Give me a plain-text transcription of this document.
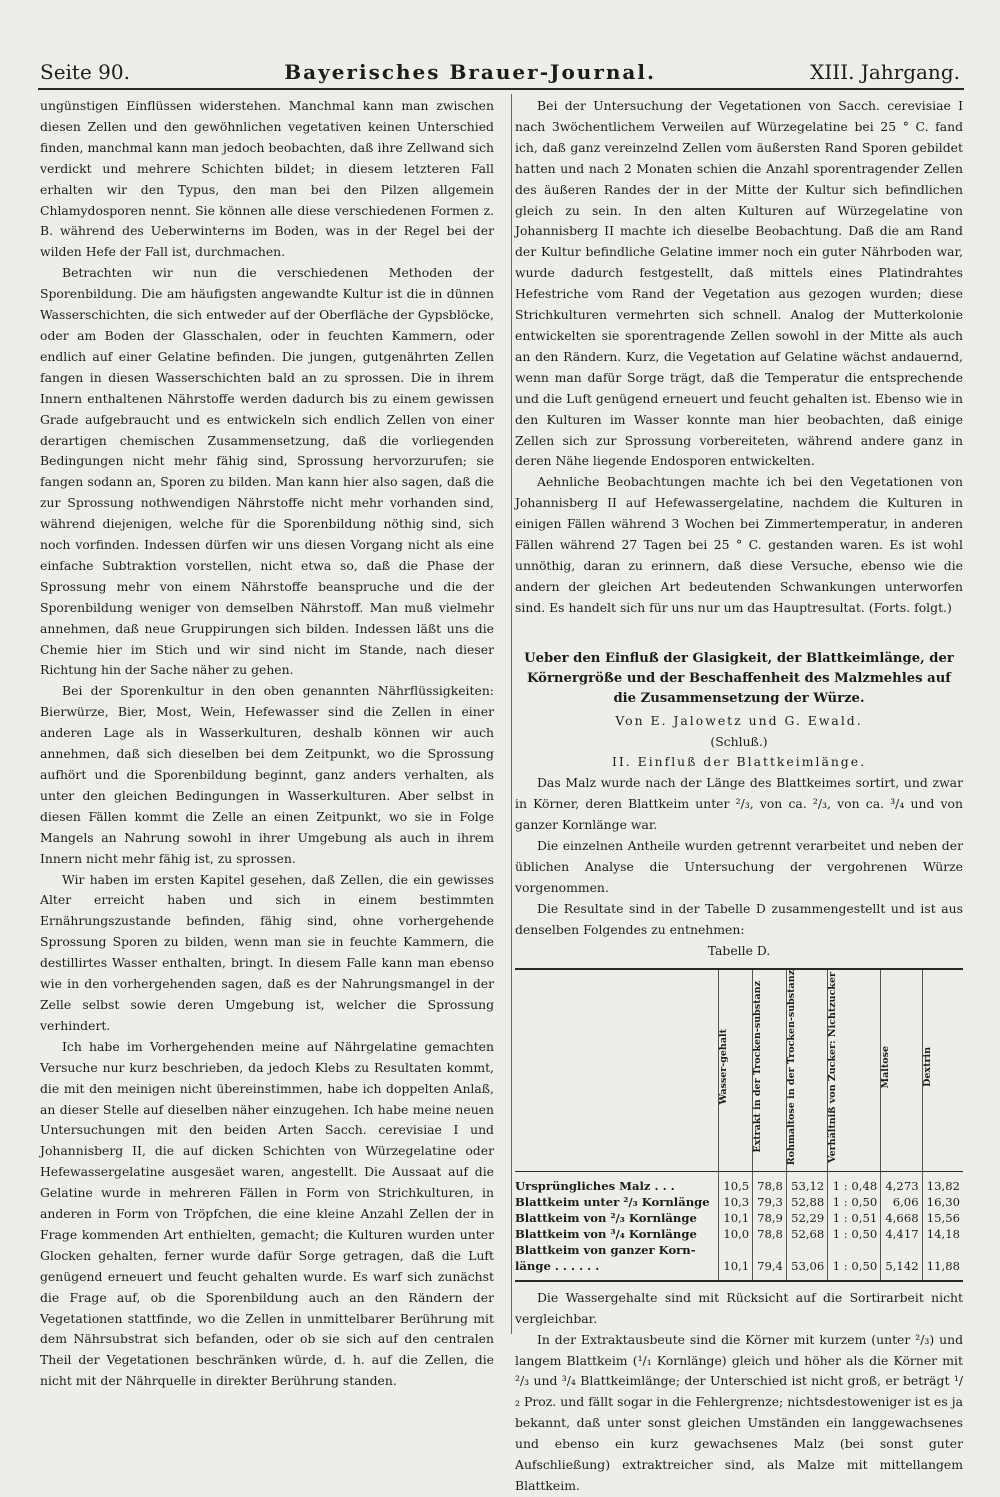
Seite 90.	Bayerisches Brauer-Journal.	XIII. Jahrgang.

ungünstigen Einflüssen widerstehen. Manchmal kann man zwischen diesen Zellen und den gewöhnlichen vegetativen keinen Unterschied finden, manchmal kann man jedoch beobachten, daß ihre Zellwand sich verdickt und mehrere Schichten bildet; in diesem letzteren Fall erhalten wir den Typus, den man bei den Pilzen allgemein Chlamydosporen nennt. Sie können alle diese verschiedenen Formen z. B. während des Ueberwinterns im Boden, was in der Regel bei der wilden Hefe der Fall ist, durchmachen.

Betrachten wir nun die verschiedenen Methoden der Sporenbildung. Die am häufigsten angewandte Kultur ist die in dünnen Wasserschichten, die sich entweder auf der Oberfläche der Gypsblöcke, oder am Boden der Glasschalen, oder in feuchten Kammern, oder endlich auf einer Gelatine befinden. Die jungen, gutgenährten Zellen fangen in diesen Wasserschichten bald an zu sprossen. Die in ihrem Innern enthaltenen Nährstoffe werden dadurch bis zu einem gewissen Grade aufgebraucht und es entwickeln sich endlich Zellen von einer derartigen chemischen Zusammensetzung, daß die vorliegenden Bedingungen nicht mehr fähig sind, Sprossung hervorzurufen; sie fangen sodann an, Sporen zu bilden. Man kann hier also sagen, daß die zur Sprossung nothwendigen Nährstoffe nicht mehr vorhanden sind, während diejenigen, welche für die Sporenbildung nöthig sind, sich noch vorfinden. Indessen dürfen wir uns diesen Vorgang nicht als eine einfache Subtraktion vorstellen, nicht etwa so, daß die Phase der Sprossung mehr von einem Nährstoffe beanspruche und die der Sporenbildung weniger von demselben Nährstoff. Man muß vielmehr annehmen, daß neue Gruppirungen sich bilden. Indessen läßt uns die Chemie hier im Stich und wir sind nicht im Stande, nach dieser Richtung hin der Sache näher zu gehen.

Bei der Sporenkultur in den oben genannten Nährflüssigkeiten: Bierwürze, Bier, Most, Wein, Hefewasser sind die Zellen in einer anderen Lage als in Wasserkulturen, deshalb können wir auch annehmen, daß sich dieselben bei dem Zeitpunkt, wo die Sprossung aufhört und die Sporenbildung beginnt, ganz anders verhalten, als unter den gleichen Bedingungen in Wasserkulturen. Aber selbst in diesen Fällen kommt die Zelle an einen Zeitpunkt, wo sie in Folge Mangels an Nahrung sowohl in ihrer Umgebung als auch in ihrem Innern nicht mehr fähig ist, zu sprossen.

Wir haben im ersten Kapitel gesehen, daß Zellen, die ein gewisses Alter erreicht haben und sich in einem bestimmten Ernährungszustande befinden, fähig sind, ohne vorhergehende Sprossung Sporen zu bilden, wenn man sie in feuchte Kammern, die destillirtes Wasser enthalten, bringt. In diesem Falle kann man ebenso wie in den vorhergehenden sagen, daß es der Nahrungsmangel in der Zelle selbst sowie deren Umgebung ist, welcher die Sprossung verhindert.

Ich habe im Vorhergehenden meine auf Nährgelatine gemachten Versuche nur kurz beschrieben, da jedoch Klebs zu Resultaten kommt, die mit den meinigen nicht übereinstimmen, habe ich doppelten Anlaß, an dieser Stelle auf dieselben näher einzugehen. Ich habe meine neuen Untersuchungen mit den beiden Arten Sacch. cerevisiae I und Johannisberg II, die auf dicken Schichten von Würzegelatine oder Hefewassergelatine ausgesäet waren, angestellt. Die Aussaat auf die Gelatine wurde in mehreren Fällen in Form von Strichkulturen, in anderen in Form von Tröpfchen, die eine kleine Anzahl Zellen der in Frage kommenden Art enthielten, gemacht; die Kulturen wurden unter Glocken gehalten, ferner wurde dafür Sorge getragen, daß die Luft genügend erneuert und feucht gehalten wurde. Es warf sich zunächst die Frage auf, ob die Sporenbildung auch an den Rändern der Vegetationen stattfinde, wo die Zellen in unmittelbarer Berührung mit dem Nährsubstrat sich befanden, oder ob sie sich auf den centralen Theil der Vegetationen beschränken würde, d. h. auf die Zellen, die nicht mit der Nährquelle in direkter Berührung standen.

Bei der Untersuchung der Vegetationen von Sacch. cerevisiae I nach 3wöchentlichem Verweilen auf Würzegelatine bei 25 ° C. fand ich, daß ganz vereinzelnd Zellen vom äußersten Rand Sporen gebildet hatten und nach 2 Monaten schien die Anzahl sporentragender Zellen des äußeren Randes der in der Mitte der Kultur sich befindlichen gleich zu sein. In den alten Kulturen auf Würzegelatine von Johannisberg II machte ich dieselbe Beobachtung. Daß die am Rand der Kultur befindliche Gelatine immer noch ein guter Nährboden war, wurde dadurch festgestellt, daß mittels eines Platindrahtes Hefestriche vom Rand der Vegetation aus gezogen wurden; diese Strichkulturen vermehrten sich schnell. Analog der Mutterkolonie entwickelten sie sporentragende Zellen sowohl in der Mitte als auch an den Rändern. Kurz, die Vegetation auf Gelatine wächst andauernd, wenn man dafür Sorge trägt, daß die Temperatur die entsprechende und die Luft genügend erneuert und feucht gehalten ist. Ebenso wie in den Kulturen im Wasser konnte man hier beobachten, daß einige Zellen sich zur Sprossung vorbereiteten, während andere ganz in deren Nähe liegende Endosporen entwickelten.

Aehnliche Beobachtungen machte ich bei den Vegetationen von Johannisberg II auf Hefewassergelatine, nachdem die Kulturen in einigen Fällen während 3 Wochen bei Zimmertemperatur, in anderen Fällen während 27 Tagen bei 25 ° C. gestanden waren. Es ist wohl unnöthig, daran zu erinnern, daß diese Versuche, ebenso wie die andern der gleichen Art bedeutenden Schwankungen unterworfen sind. Es handelt sich für uns nur um das Hauptresultat. (Forts. folgt.)

Ueber den Einfluß der Glasigkeit, der Blattkeimlänge, der Körnergröße und der Beschaffenheit des Malzmehles auf die Zusammensetzung der Würze.
Von E. Jalowetz und G. Ewald.
(Schluß.)
II. Einfluß der Blattkeimlänge.

Das Malz wurde nach der Länge des Blattkeimes sortirt, und zwar in Körner, deren Blattkeim unter ²/₃, von ca. ²/₃, von ca. ³/₄ und von ganzer Kornlänge war.

Die einzelnen Antheile wurden getrennt verarbeitet und neben der üblichen Analyse die Untersuchung der vergohrenen Würze vorgenommen.

Die Resultate sind in der Tabelle D zusammengestellt und ist aus denselben Folgendes zu entnehmen:

Tabelle D.
	Wasser-gehalt	Extrakt in der Trocken-substanz	Rohmaltose in der Trocken-substanz	Verhältniß von Zucker: Nichtzucker	Maltose	Dextrin
Ursprüngliches Malz . . .	10,5	78,8	53,12	1 : 0,48	4,273	13,82
Blattkeim unter ²/₃ Kornlänge	10,3	79,3	52,88	1 : 0,50	6,06	16,30
Blattkeim von ²/₃ Kornlänge	10,1	78,9	52,29	1 : 0,51	4,668	15,56
Blattkeim von ³/₄ Kornlänge	10,0	78,8	52,68	1 : 0,50	4,417	14,18
Blattkeim von ganzer Korn-						
länge . . . . . .	10,1	79,4	53,06	1 : 0,50	5,142	11,88

Die Wassergehalte sind mit Rücksicht auf die Sortirarbeit nicht vergleichbar.

In der Extraktausbeute sind die Körner mit kurzem (unter ²/₃) und langem Blattkeim (¹/₁ Kornlänge) gleich und höher als die Körner mit ²/₃ und ³/₄ Blattkeimlänge; der Unterschied ist nicht groß, er beträgt ¹/₂ Proz. und fällt sogar in die Fehlergrenze; nichtsdestoweniger ist es ja bekannt, daß unter sonst gleichen Umständen ein langgewachsenes und ebenso ein kurz gewachsenes Malz (bei sonst guter Aufschließung) extraktreicher sind, als Malze mit mittellangem Blattkeim.
